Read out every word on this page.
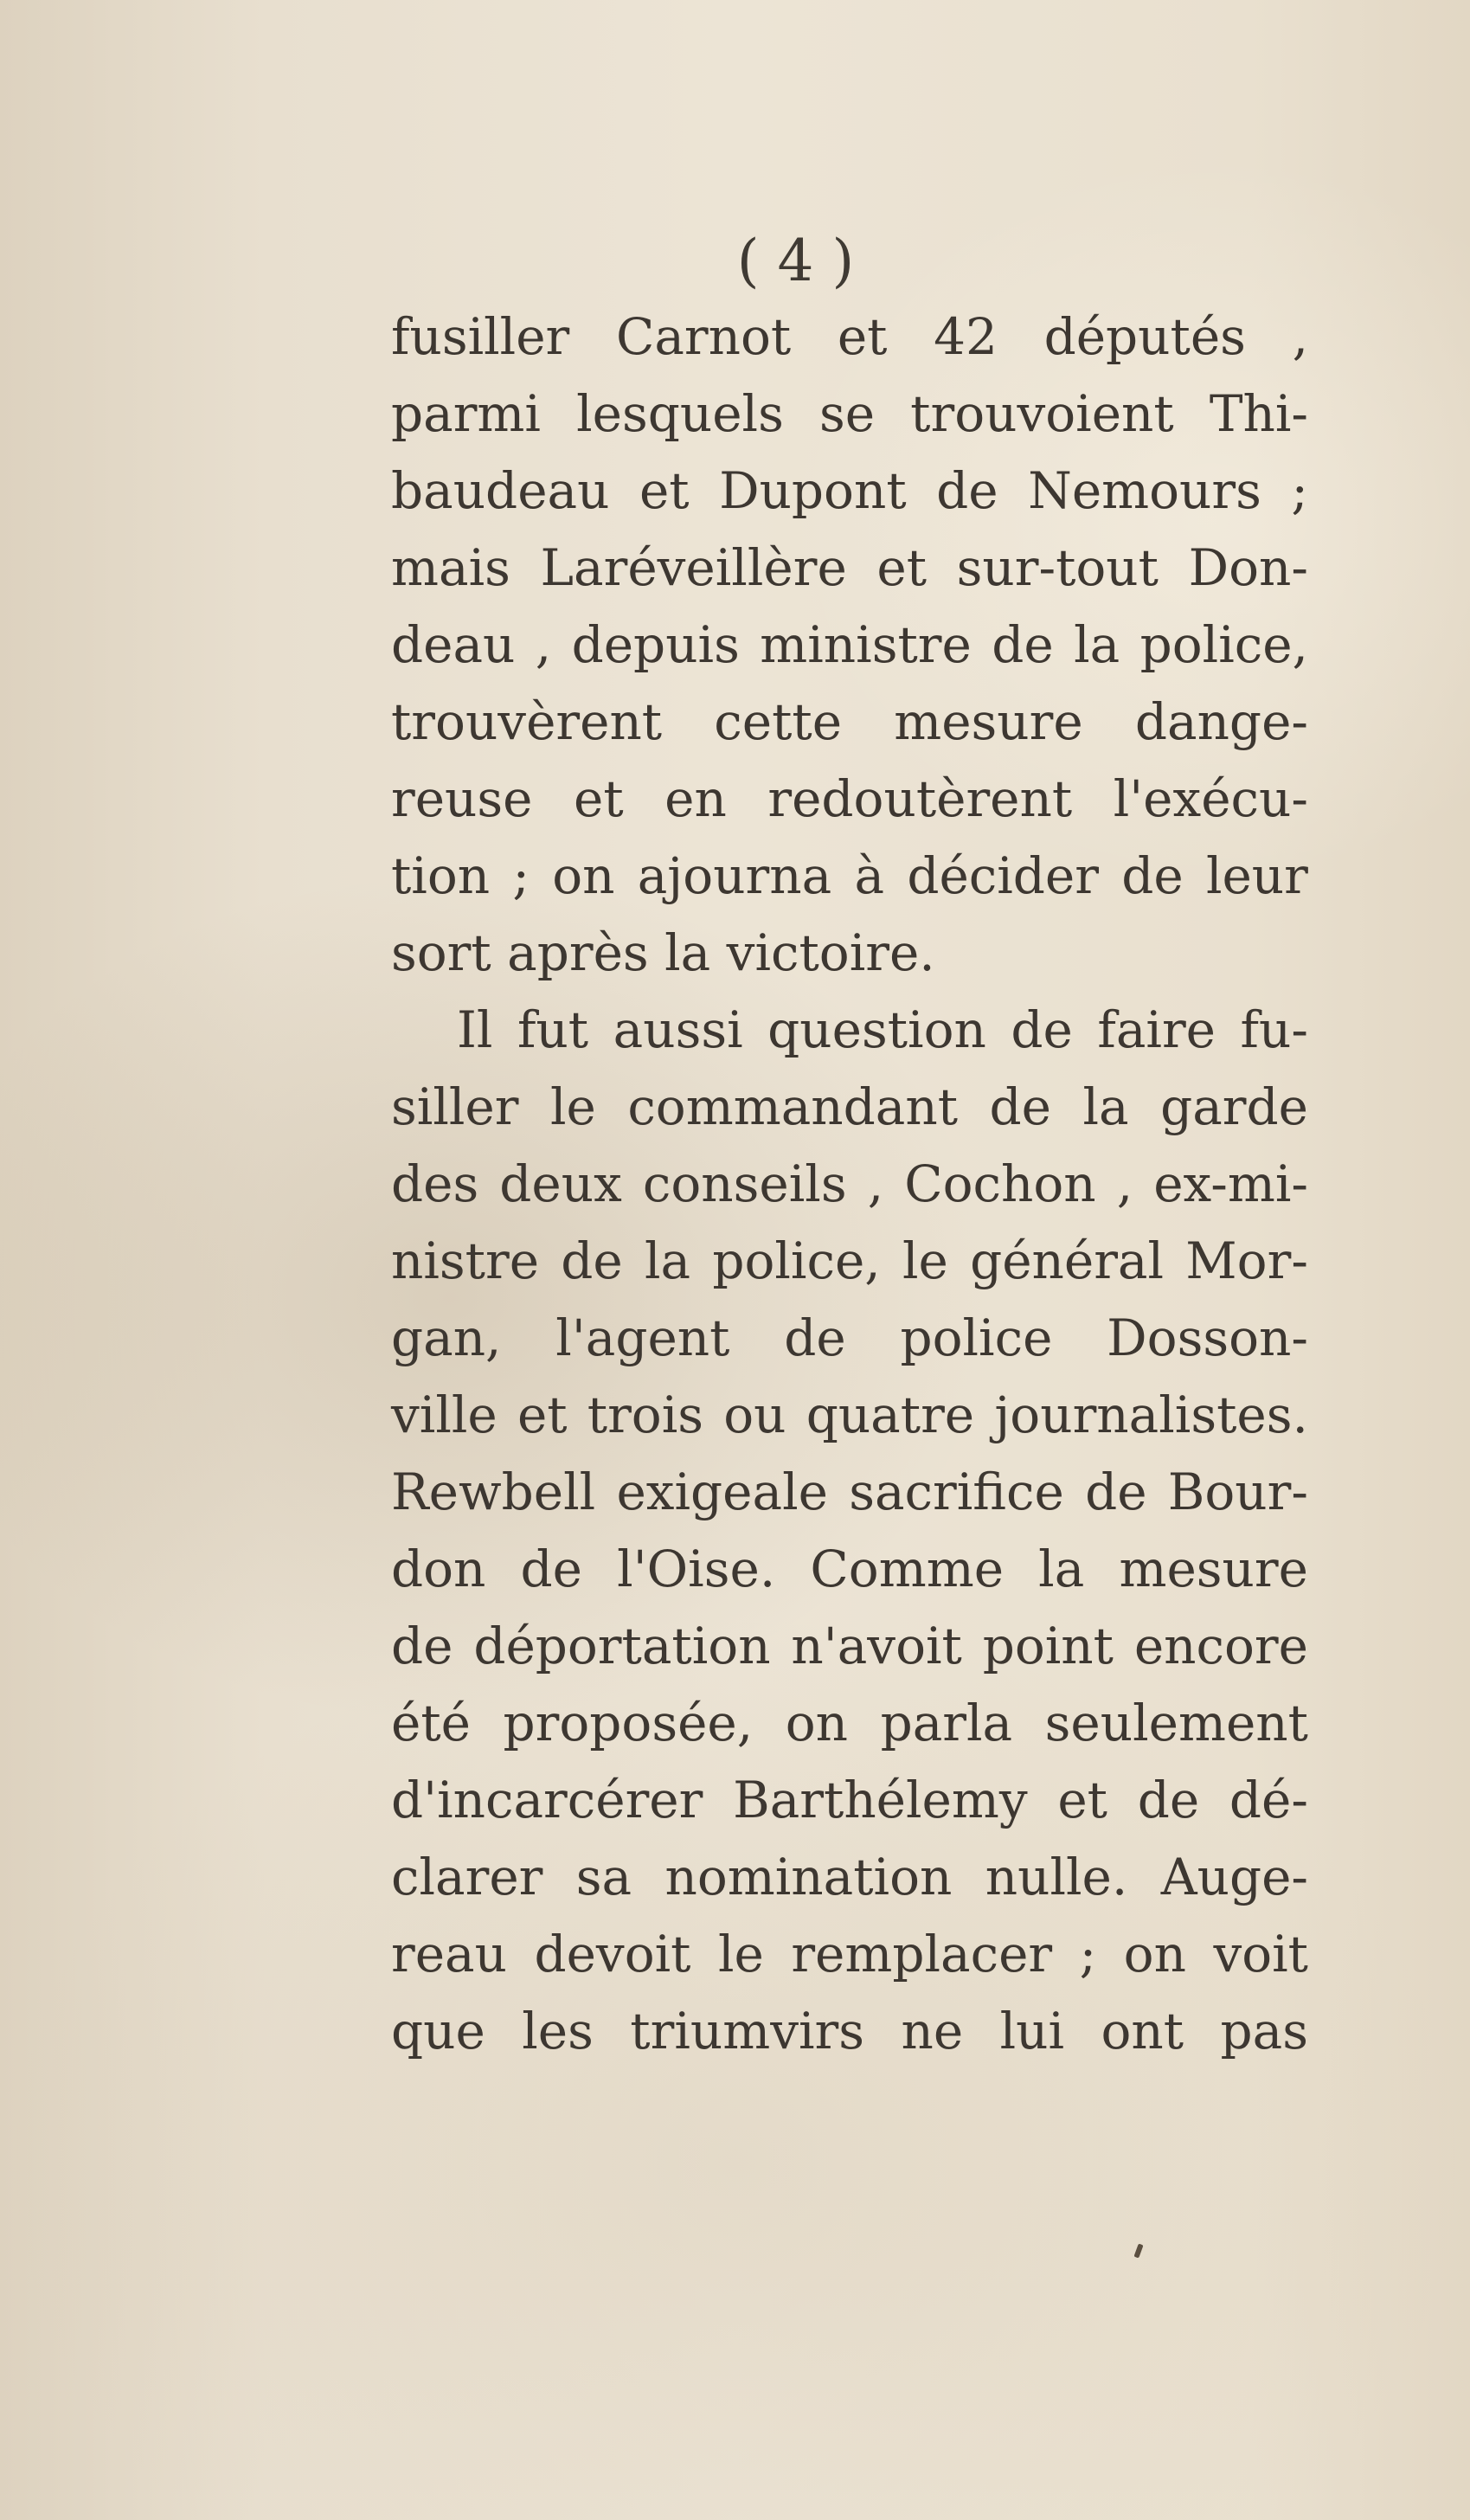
( 4 )
fusiller Carnot et 42 députés ,
parmi lesquels se trouvoient Thi-
baudeau et Dupont de Nemours ;
mais Laréveillère et sur-tout Don-
deau , depuis ministre de la police,
trouvèrent cette mesure dange-
reuse et en redoutèrent l'exécu-
tion ; on ajourna à décider de leur
sort après la victoire.
Il fut aussi question de faire fu-
siller le commandant de la garde
des deux conseils , Cochon , ex-mi-
nistre de la police, le général Mor-
gan, l'agent de police Dosson-
ville et trois ou quatre journalistes.
Rewbell exigeale sacrifice de Bour-
don de l'Oise. Comme la mesure
de déportation n'avoit point encore
été proposée, on parla seulement
d'incarcérer Barthélemy et de dé-
clarer sa nomination nulle. Auge-
reau devoit le remplacer ; on voit
que les triumvirs ne lui ont pas
